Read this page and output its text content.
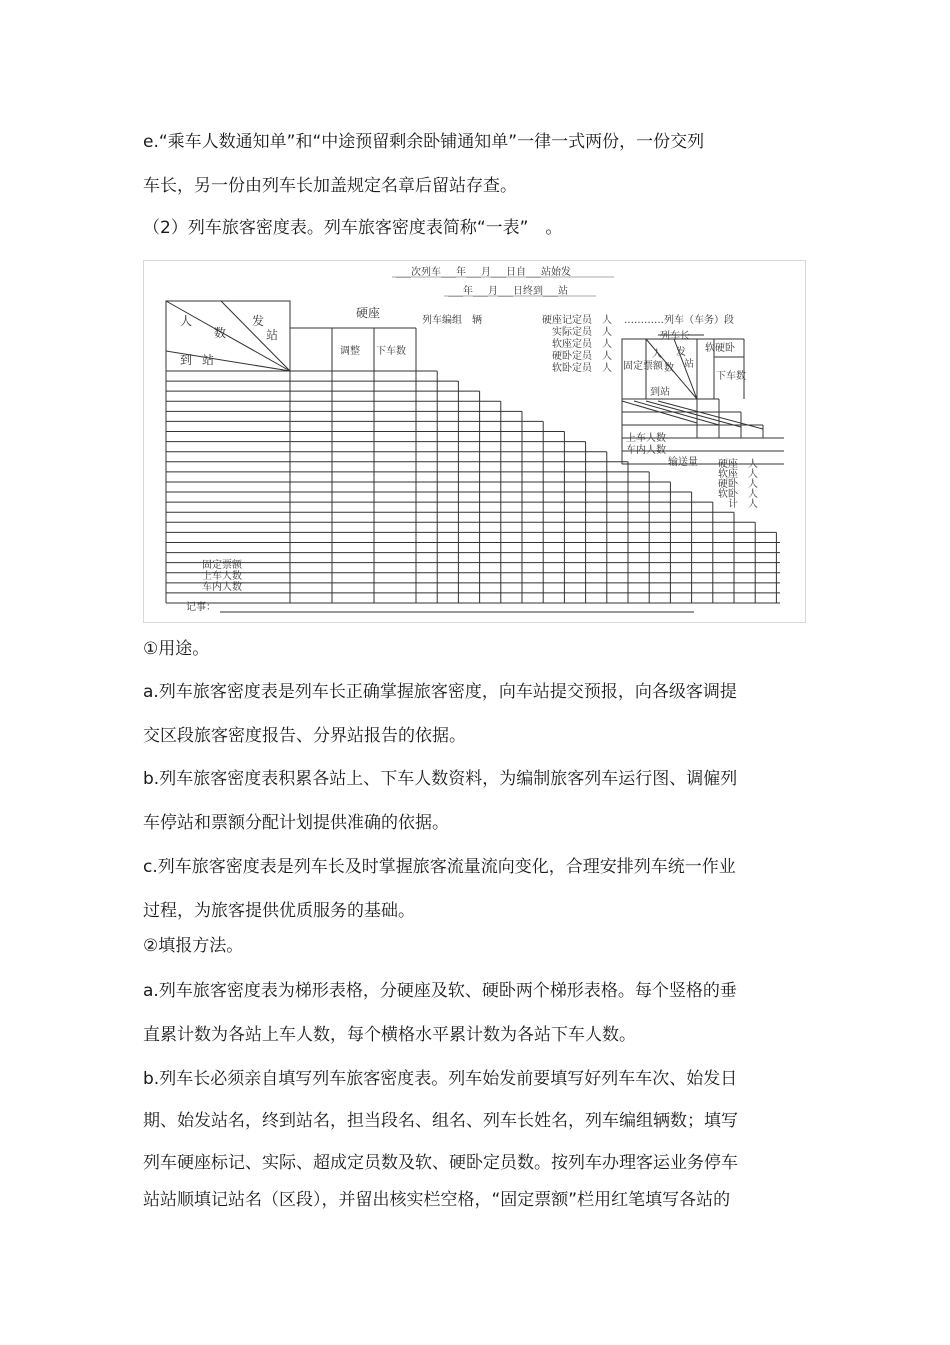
e.“乘车人数通知单”和“中途预留剩余卧铺通知单”一律一式两份，一份交列
车长，另一份由列车长加盖规定名章后留站存查。
（2）列车旅客密度表。列车旅客密度表简称“一表”　。
___次列车___年___月___日自___站始发
___年___月___日终到___站
人
数
发
站
到 站
硬座
调整 下车数
列车编组　辆	硬座记定员　人
实际定员　人
软座定员　人
硬卧定员　人
软卧定员　人
…………列车（车务）段
列车长
固定票额
人
数
发
站
到站
软硬卧
下车数
上车人数
车内人数
输送量 硬座　人
软座　人
硬卧　人
软卧　人
计　人
固定票额
上车人数
车内人数
记事：
①用途。
a.列车旅客密度表是列车长正确掌握旅客密度，向车站提交预报，向各级客调提
交区段旅客密度报告、分界站报告的依据。
b.列车旅客密度表积累各站上、下车人数资料，为编制旅客列车运行图、调僱列
车停站和票额分配计划提供准确的依据。
c.列车旅客密度表是列车长及时掌握旅客流量流向变化，合理安排列车统一作业
过程，为旅客提供优质服务的基础。
②填报方法。
a.列车旅客密度表为梯形表格，分硬座及软、硬卧两个梯形表格。每个竖格的垂
直累计数为各站上车人数，每个横格水平累计数为各站下车人数。
b.列车长必须亲自填写列车旅客密度表。列车始发前要填写好列车车次、始发日
期、始发站名，终到站名，担当段名、组名、列车长姓名，列车编组辆数；填写
列车硬座标记、实际、超成定员数及软、硬卧定员数。按列车办理客运业务停车
站站顺填记站名（区段），并留出核实栏空格，“固定票额”栏用红笔填写各站的
